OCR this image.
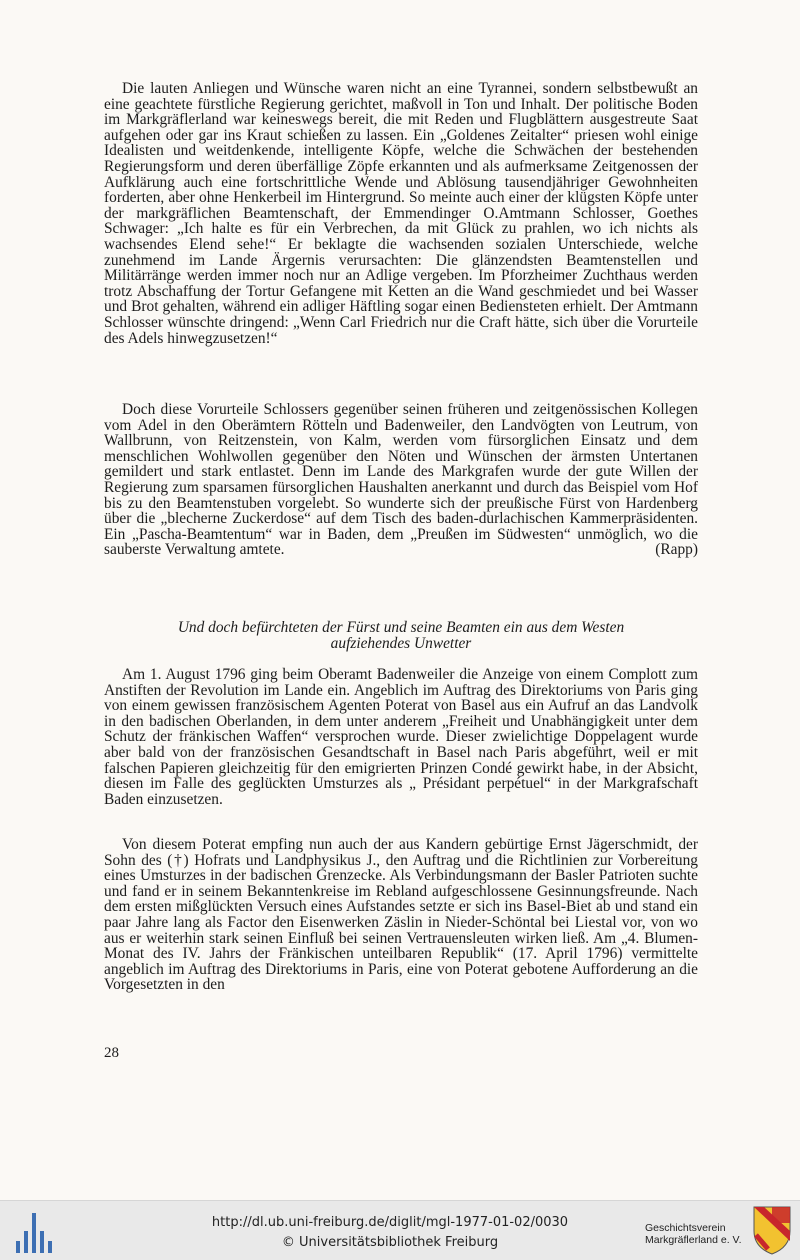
Die lauten Anliegen und Wünsche waren nicht an eine Tyrannei, sondern selbstbewußt an eine geachtete fürstliche Regierung gerichtet, maßvoll in Ton und Inhalt. Der politische Boden im Markgräflerland war keineswegs bereit, die mit Reden und Flugblättern ausgestreute Saat aufgehen oder gar ins Kraut schießen zu lassen. Ein „Goldenes Zeitalter“ priesen wohl einige Idealisten und weitdenkende, intelligente Köpfe, welche die Schwächen der bestehenden Regierungsform und deren überfällige Zöpfe erkannten und als aufmerksame Zeitgenossen der Aufklärung auch eine fortschrittliche Wende und Ablösung tausendjähriger Gewohnheiten forderten, aber ohne Henkerbeil im Hintergrund. So meinte auch einer der klügsten Köpfe unter der markgräflichen Beamtenschaft, der Emmendinger O.Amtmann Schlosser, Goethes Schwager: „Ich halte es für ein Verbrechen, da mit Glück zu prahlen, wo ich nichts als wachsendes Elend sehe!“ Er beklagte die wachsenden sozialen Unterschiede, welche zunehmend im Lande Ärgernis verursachten: Die glänzendsten Beamtenstellen und Militärränge werden immer noch nur an Adlige vergeben. Im Pforzheimer Zuchthaus werden trotz Abschaffung der Tortur Gefangene mit Ketten an die Wand geschmiedet und bei Wasser und Brot gehalten, während ein adliger Häftling sogar einen Bediensteten erhielt. Der Amtmann Schlosser wünschte dringend: „Wenn Carl Friedrich nur die Craft hätte, sich über die Vorurteile des Adels hinwegzusetzen!“

Doch diese Vorurteile Schlossers gegenüber seinen früheren und zeitgenössischen Kollegen vom Adel in den Oberämtern Rötteln und Badenweiler, den Landvögten von Leutrum, von Wallbrunn, von Reitzenstein, von Kalm, werden vom fürsorglichen Einsatz und dem menschlichen Wohlwollen gegenüber den Nöten und Wünschen der ärmsten Untertanen gemildert und stark entlastet. Denn im Lande des Markgrafen wurde der gute Willen der Regierung zum sparsamen fürsorglichen Haushalten anerkannt und durch das Beispiel vom Hof bis zu den Beamtenstuben vorgelebt. So wunderte sich der preußische Fürst von Hardenberg über die „blecherne Zuckerdose“ auf dem Tisch des baden-durlachischen Kammerpräsidenten. Ein „Pascha-Beamtentum“ war in Baden, dem „Preußen im Südwesten“ unmöglich, wo die sauberste Verwaltung amtete.	(Rapp)

Und doch befürchteten der Fürst und seine Beamten ein aus dem Westen
aufziehendes Unwetter

Am 1. August 1796 ging beim Oberamt Badenweiler die Anzeige von einem Complott zum Anstiften der Revolution im Lande ein. Angeblich im Auftrag des Direktoriums von Paris ging von einem gewissen französischem Agenten Poterat von Basel aus ein Aufruf an das Landvolk in den badischen Oberlanden, in dem unter anderem „Freiheit und Unabhängigkeit unter dem Schutz der fränkischen Waffen“ versprochen wurde. Dieser zwielichtige Doppelagent wurde aber bald von der französischen Gesandtschaft in Basel nach Paris abgeführt, weil er mit falschen Papieren gleichzeitig für den emigrierten Prinzen Condé gewirkt habe, in der Absicht, diesen im Falle des geglückten Umsturzes als „ Présidant perpétuel“ in der Markgrafschaft Baden einzusetzen.

Von diesem Poterat empfing nun auch der aus Kandern gebürtige Ernst Jägerschmidt, der Sohn des (†) Hofrats und Landphysikus J., den Auftrag und die Richtlinien zur Vorbereitung eines Umsturzes in der badischen Grenzecke. Als Verbindungsmann der Basler Patrioten suchte und fand er in seinem Bekanntenkreise im Rebland aufgeschlossene Gesinnungsfreunde. Nach dem ersten mißglückten Versuch eines Aufstandes setzte er sich ins Basel-Biet ab und stand ein paar Jahre lang als Factor den Eisenwerken Zäslin in Nieder-Schöntal bei Liestal vor, von wo aus er weiterhin stark seinen Einfluß bei seinen Vertrauensleuten wirken ließ. Am „4. Blumen-Monat des IV. Jahrs der Fränkischen unteilbaren Republik“ (17. April 1796) vermittelte angeblich im Auftrag des Direktoriums in Paris, eine von Poterat gebotene Aufforderung an die Vorgesetzten in den

28
http://dl.ub.uni-freiburg.de/diglit/mgl-1977-01-02/0030
© Universitätsbibliothek Freiburg
Geschichtsverein
Markgräflerland e. V.
